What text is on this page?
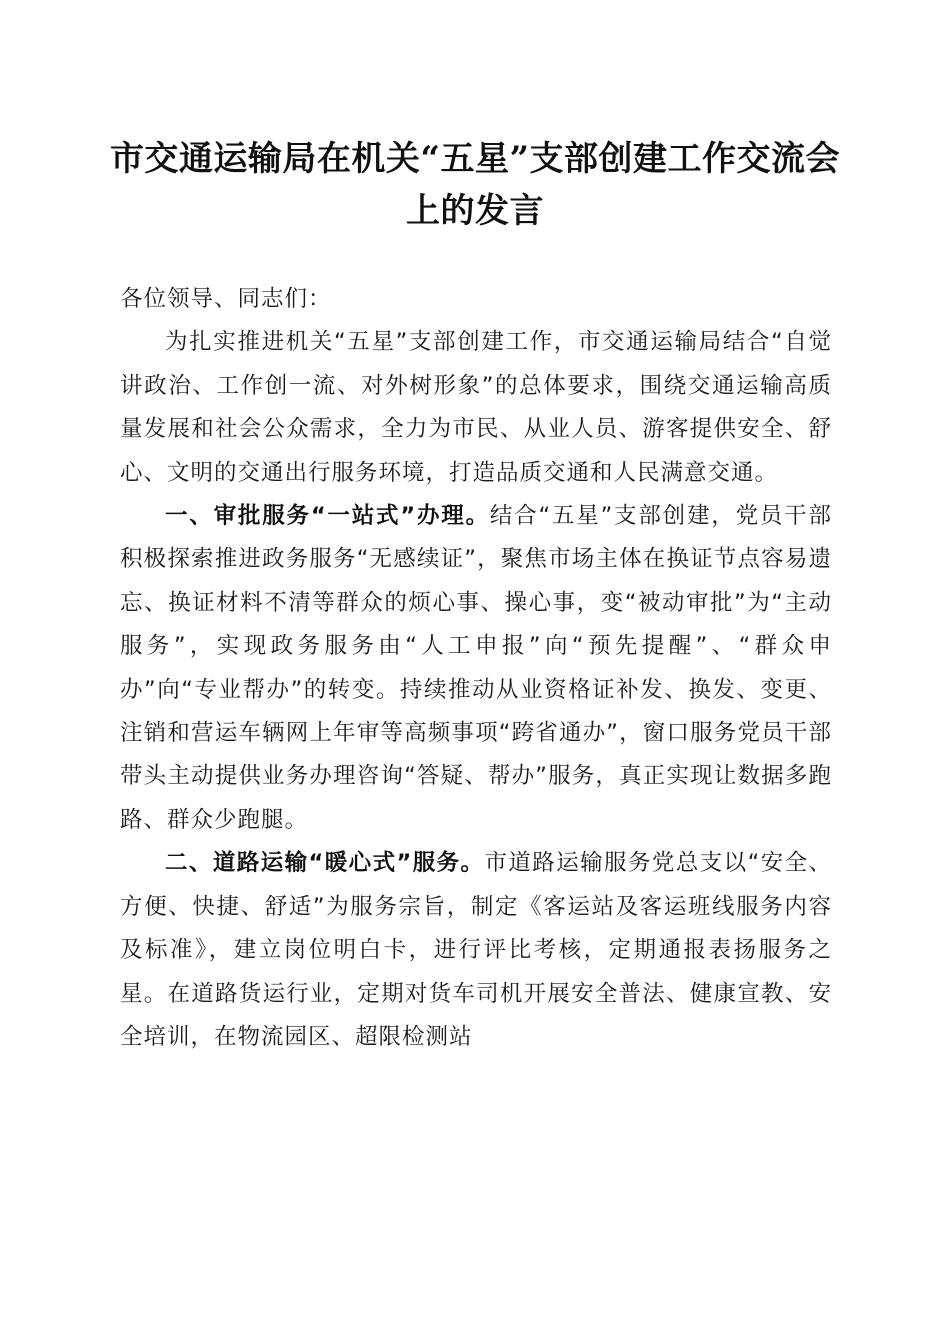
市交通运输局在机关“五星”支部创建工作交流会上的发言

各位领导、同志们：

为扎实推进机关“五星”支部创建工作，市交通运输局结合“自觉讲政治、工作创一流、对外树形象”的总体要求，围绕交通运输高质量发展和社会公众需求，全力为市民、从业人员、游客提供安全、舒心、文明的交通出行服务环境，打造品质交通和人民满意交通。

一、审批服务“一站式”办理。结合“五星”支部创建，党员干部积极探索推进政务服务“无感续证”，聚焦市场主体在换证节点容易遗忘、换证材料不清等群众的烦心事、操心事，变“被动审批”为“主动服务”，实现政务服务由“人工申报”向“预先提醒”、“群众申办”向“专业帮办”的转变。持续推动从业资格证补发、换发、变更、注销和营运车辆网上年审等高频事项“跨省通办”，窗口服务党员干部带头主动提供业务办理咨询“答疑、帮办”服务，真正实现让数据多跑路、群众少跑腿。

二、道路运输“暖心式”服务。市道路运输服务党总支以“安全、方便、快捷、舒适”为服务宗旨，制定《客运站及客运班线服务内容及标准》，建立岗位明白卡，进行评比考核，定期通报表扬服务之星。在道路货运行业，定期对货车司机开展安全普法、健康宣教、安全培训，在物流园区、超限检测站
